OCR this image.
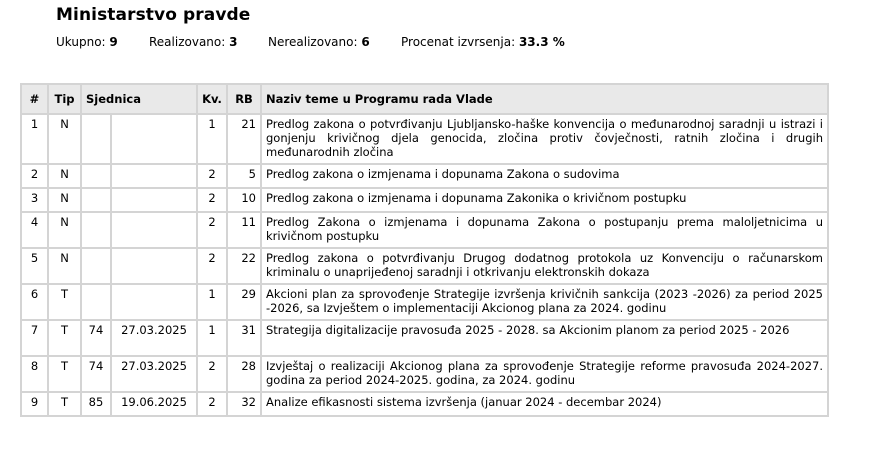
Ministarstvo pravde
Ukupno: 9	Realizovano: 3	Nerealizovano: 6	Procenat izvrsenja: 33.3 %
#	Tip	Sjednica		Kv.	RB	Naziv teme u Programu rada Vlade
1	N			1	21	Predlog zakona o potvrđivanju Ljubljansko-haške konvencija o međunarodnoj saradnji u istrazi i gonjenju krivičnog djela genocida, zločina protiv čovječnosti, ratnih zločina i drugih međunarodnih zločina
2	N			2	5	Predlog zakona o izmjenama i dopunama Zakona o sudovima
3	N			2	10	Predlog zakona o izmjenama i dopunama Zakonika o krivičnom postupku
4	N			2	11	Predlog Zakona o izmjenama i dopunama Zakona o postupanju prema maloljetnicima u krivičnom postupku
5	N			2	22	Predlog zakona o potvrđivanju Drugog dodatnog protokola uz Konvenciju o računarskom kriminalu o unaprijeđenoj saradnji i otkrivanju elektronskih dokaza
6	T			1	29	Akcioni plan za sprovođenje Strategije izvršenja krivičnih sankcija (2023 -2026) za period 2025 -2026, sa Izvještem o implementaciji Akcionog plana za 2024. godinu
7	T	74	27.03.2025	1	31	Strategija digitalizacije pravosuđa 2025 - 2028. sa Akcionim planom za period 2025 - 2026
8	T	74	27.03.2025	2	28	Izvještaj o realizaciji Akcionog plana za sprovođenje Strategije reforme pravosuđa 2024-2027. godina za period 2024-2025. godina, za 2024. godinu
9	T	85	19.06.2025	2	32	Analize efikasnosti sistema izvršenja (januar 2024 - decembar 2024)
